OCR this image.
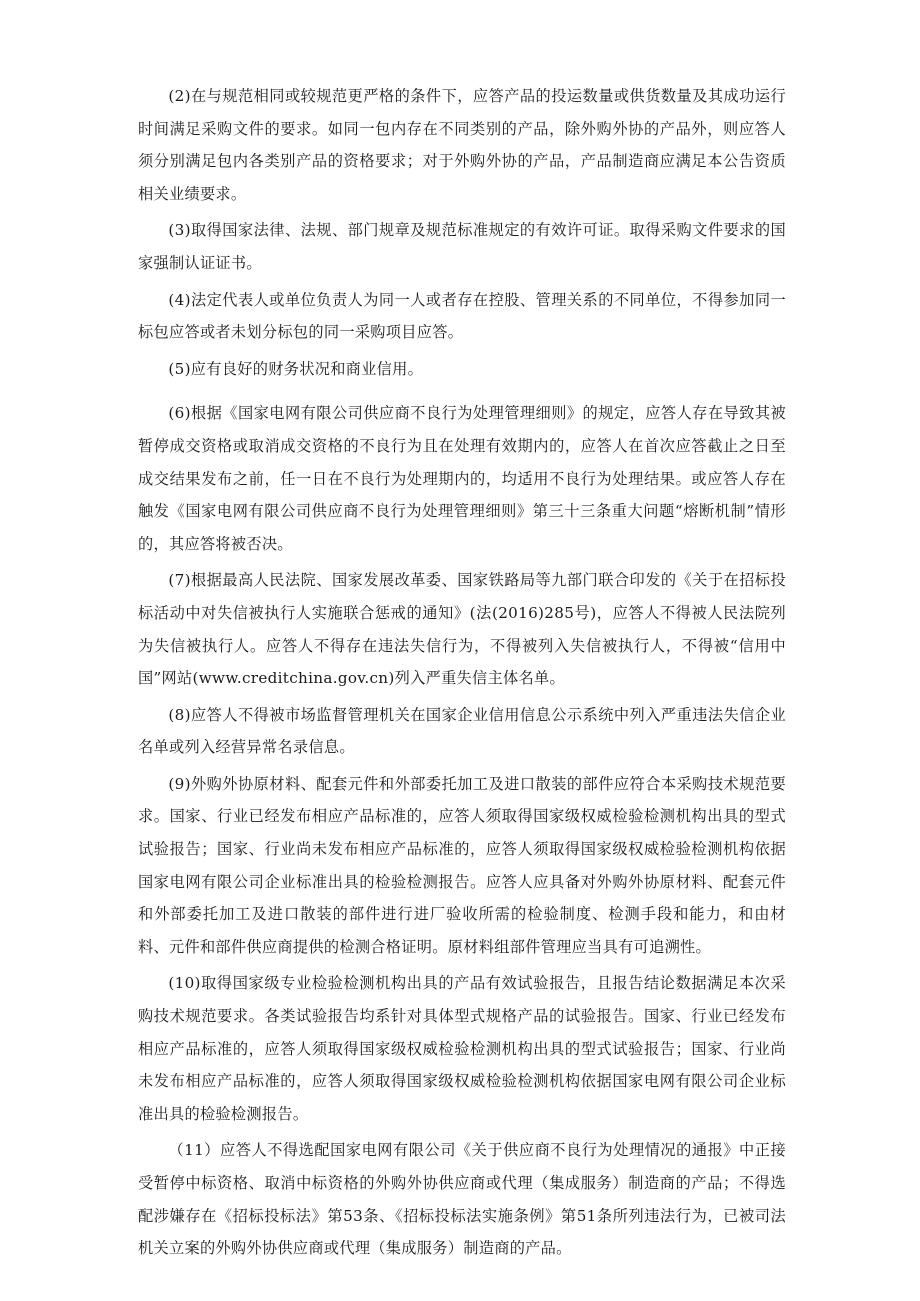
(2)在与规范相同或较规范更严格的条件下，应答产品的投运数量或供货数量及其成功运行时间满足采购文件的要求。如同一包内存在不同类别的产品，除外购外协的产品外，则应答人须分别满足包内各类别产品的资格要求；对于外购外协的产品，产品制造商应满足本公告资质相关业绩要求。

(3)取得国家法律、法规、部门规章及规范标准规定的有效许可证。取得采购文件要求的国家强制认证证书。

(4)法定代表人或单位负责人为同一人或者存在控股、管理关系的不同单位，不得参加同一标包应答或者未划分标包的同一采购项目应答。

(5)应有良好的财务状况和商业信用。

(6)根据《国家电网有限公司供应商不良行为处理管理细则》的规定，应答人存在导致其被暂停成交资格或取消成交资格的不良行为且在处理有效期内的，应答人在首次应答截止之日至成交结果发布之前，任一日在不良行为处理期内的，均适用不良行为处理结果。或应答人存在触发《国家电网有限公司供应商不良行为处理管理细则》第三十三条重大问题“熔断机制”情形的，其应答将被否决。

(7)根据最高人民法院、国家发展改革委、国家铁路局等九部门联合印发的《关于在招标投标活动中对失信被执行人实施联合惩戒的通知》(法(2016)285号)，应答人不得被人民法院列为失信被执行人。应答人不得存在违法失信行为，不得被列入失信被执行人，不得被“信用中国”网站(www.creditchina.gov.cn)列入严重失信主体名单。

(8)应答人不得被市场监督管理机关在国家企业信用信息公示系统中列入严重违法失信企业名单或列入经营异常名录信息。

(9)外购外协原材料、配套元件和外部委托加工及进口散装的部件应符合本采购技术规范要求。国家、行业已经发布相应产品标准的，应答人须取得国家级权威检验检测机构出具的型式试验报告；国家、行业尚未发布相应产品标准的，应答人须取得国家级权威检验检测机构依据国家电网有限公司企业标准出具的检验检测报告。应答人应具备对外购外协原材料、配套元件和外部委托加工及进口散装的部件进行进厂验收所需的检验制度、检测手段和能力，和由材料、元件和部件供应商提供的检测合格证明。原材料组部件管理应当具有可追溯性。

(10)取得国家级专业检验检测机构出具的产品有效试验报告，且报告结论数据满足本次采购技术规范要求。各类试验报告均系针对具体型式规格产品的试验报告。国家、行业已经发布相应产品标准的，应答人须取得国家级权威检验检测机构出具的型式试验报告；国家、行业尚未发布相应产品标准的，应答人须取得国家级权威检验检测机构依据国家电网有限公司企业标准出具的检验检测报告。

（11）应答人不得选配国家电网有限公司《关于供应商不良行为处理情况的通报》中正接受暂停中标资格、取消中标资格的外购外协供应商或代理（集成服务）制造商的产品；不得选配涉嫌存在《招标投标法》第53条、《招标投标法实施条例》第51条所列违法行为，已被司法机关立案的外购外协供应商或代理（集成服务）制造商的产品。
